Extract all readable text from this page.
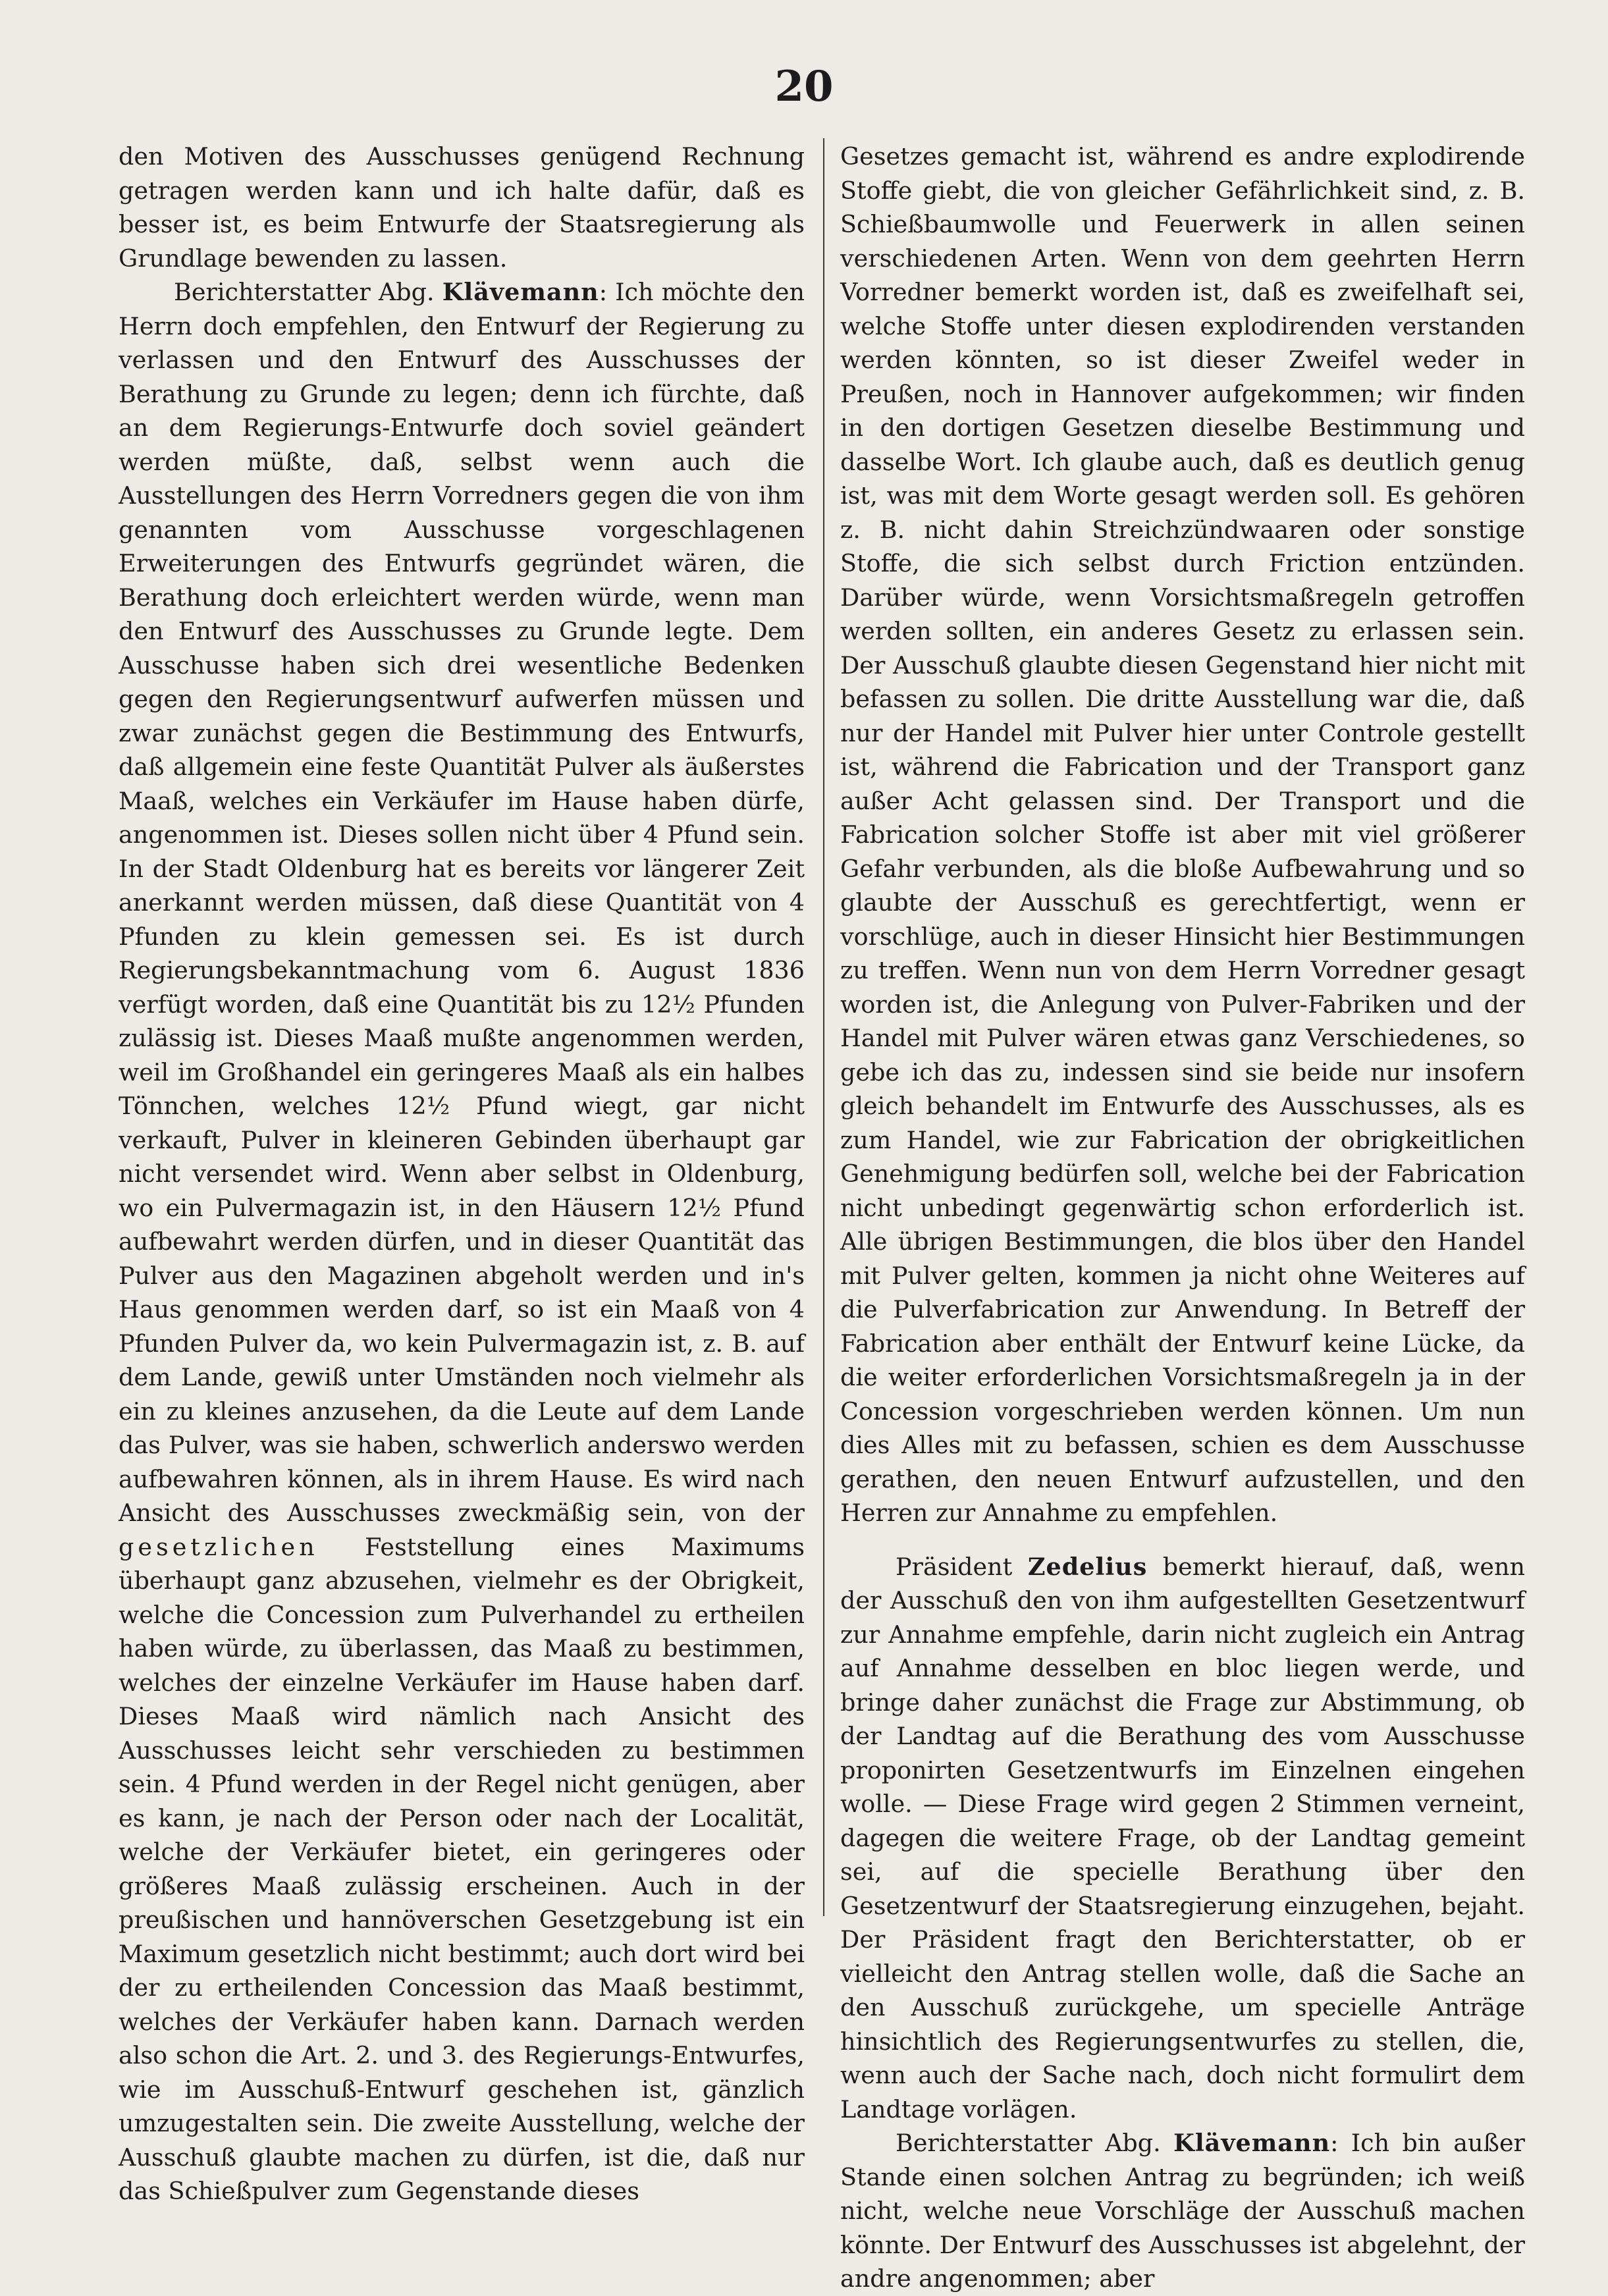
20

den Motiven des Ausschusses genügend Rechnung getragen werden kann und ich halte dafür, daß es besser ist, es beim Entwurfe der Staatsregierung als Grundlage bewenden zu lassen.

Berichterstatter Abg. Klävemann: Ich möchte den Herrn doch empfehlen, den Entwurf der Regierung zu verlassen und den Entwurf des Ausschusses der Berathung zu Grunde zu legen; denn ich fürchte, daß an dem Regierungs-Entwurfe doch soviel geändert werden müßte, daß, selbst wenn auch die Ausstellungen des Herrn Vorredners gegen die von ihm genannten vom Ausschusse vorgeschlagenen Erweiterungen des Entwurfs gegründet wären, die Berathung doch erleichtert werden würde, wenn man den Entwurf des Ausschusses zu Grunde legte. Dem Ausschusse haben sich drei wesentliche Bedenken gegen den Regierungsentwurf aufwerfen müssen und zwar zunächst gegen die Bestimmung des Entwurfs, daß allgemein eine feste Quantität Pulver als äußerstes Maaß, welches ein Verkäufer im Hause haben dürfe, angenommen ist. Dieses sollen nicht über 4 Pfund sein. In der Stadt Oldenburg hat es bereits vor längerer Zeit anerkannt werden müssen, daß diese Quantität von 4 Pfunden zu klein gemessen sei. Es ist durch Regierungsbekanntmachung vom 6. August 1836 verfügt worden, daß eine Quantität bis zu 12½ Pfunden zulässig ist. Dieses Maaß mußte angenommen werden, weil im Großhandel ein geringeres Maaß als ein halbes Tönnchen, welches 12½ Pfund wiegt, gar nicht verkauft, Pulver in kleineren Gebinden überhaupt gar nicht versendet wird. Wenn aber selbst in Oldenburg, wo ein Pulvermagazin ist, in den Häusern 12½ Pfund aufbewahrt werden dürfen, und in dieser Quantität das Pulver aus den Magazinen abgeholt werden und in's Haus genommen werden darf, so ist ein Maaß von 4 Pfunden Pulver da, wo kein Pulvermagazin ist, z. B. auf dem Lande, gewiß unter Umständen noch vielmehr als ein zu kleines anzusehen, da die Leute auf dem Lande das Pulver, was sie haben, schwerlich anderswo werden aufbewahren können, als in ihrem Hause. Es wird nach Ansicht des Ausschusses zweckmäßig sein, von der gesetzlichen Feststellung eines Maximums überhaupt ganz abzusehen, vielmehr es der Obrigkeit, welche die Concession zum Pulverhandel zu ertheilen haben würde, zu überlassen, das Maaß zu bestimmen, welches der einzelne Verkäufer im Hause haben darf. Dieses Maaß wird nämlich nach Ansicht des Ausschusses leicht sehr verschieden zu bestimmen sein. 4 Pfund werden in der Regel nicht genügen, aber es kann, je nach der Person oder nach der Localität, welche der Verkäufer bietet, ein geringeres oder größeres Maaß zulässig erscheinen. Auch in der preußischen und hannöverschen Gesetzgebung ist ein Maximum gesetzlich nicht bestimmt; auch dort wird bei der zu ertheilenden Concession das Maaß bestimmt, welches der Verkäufer haben kann. Darnach werden also schon die Art. 2. und 3. des Regierungs-Entwurfes, wie im Ausschuß-Entwurf geschehen ist, gänzlich umzugestalten sein. Die zweite Ausstellung, welche der Ausschuß glaubte machen zu dürfen, ist die, daß nur das Schießpulver zum Gegenstande dieses

Gesetzes gemacht ist, während es andre explodirende Stoffe giebt, die von gleicher Gefährlichkeit sind, z. B. Schießbaumwolle und Feuerwerk in allen seinen verschiedenen Arten. Wenn von dem geehrten Herrn Vorredner bemerkt worden ist, daß es zweifelhaft sei, welche Stoffe unter diesen explodirenden verstanden werden könnten, so ist dieser Zweifel weder in Preußen, noch in Hannover aufgekommen; wir finden in den dortigen Gesetzen dieselbe Bestimmung und dasselbe Wort. Ich glaube auch, daß es deutlich genug ist, was mit dem Worte gesagt werden soll. Es gehören z. B. nicht dahin Streichzündwaaren oder sonstige Stoffe, die sich selbst durch Friction entzünden. Darüber würde, wenn Vorsichtsmaßregeln getroffen werden sollten, ein anderes Gesetz zu erlassen sein. Der Ausschuß glaubte diesen Gegenstand hier nicht mit befassen zu sollen. Die dritte Ausstellung war die, daß nur der Handel mit Pulver hier unter Controle gestellt ist, während die Fabrication und der Transport ganz außer Acht gelassen sind. Der Transport und die Fabrication solcher Stoffe ist aber mit viel größerer Gefahr verbunden, als die bloße Aufbewahrung und so glaubte der Ausschuß es gerechtfertigt, wenn er vorschlüge, auch in dieser Hinsicht hier Bestimmungen zu treffen. Wenn nun von dem Herrn Vorredner gesagt worden ist, die Anlegung von Pulver-Fabriken und der Handel mit Pulver wären etwas ganz Verschiedenes, so gebe ich das zu, indessen sind sie beide nur insofern gleich behandelt im Entwurfe des Ausschusses, als es zum Handel, wie zur Fabrication der obrigkeitlichen Genehmigung bedürfen soll, welche bei der Fabrication nicht unbedingt gegenwärtig schon erforderlich ist. Alle übrigen Bestimmungen, die blos über den Handel mit Pulver gelten, kommen ja nicht ohne Weiteres auf die Pulverfabrication zur Anwendung. In Betreff der Fabrication aber enthält der Entwurf keine Lücke, da die weiter erforderlichen Vorsichtsmaßregeln ja in der Concession vorgeschrieben werden können. Um nun dies Alles mit zu befassen, schien es dem Ausschusse gerathen, den neuen Entwurf aufzustellen, und den Herren zur Annahme zu empfehlen.

Präsident Zedelius bemerkt hierauf, daß, wenn der Ausschuß den von ihm aufgestellten Gesetzentwurf zur Annahme empfehle, darin nicht zugleich ein Antrag auf Annahme desselben en bloc liegen werde, und bringe daher zunächst die Frage zur Abstimmung, ob der Landtag auf die Berathung des vom Ausschusse proponirten Gesetzentwurfs im Einzelnen eingehen wolle. — Diese Frage wird gegen 2 Stimmen verneint, dagegen die weitere Frage, ob der Landtag gemeint sei, auf die specielle Berathung über den Gesetzentwurf der Staatsregierung einzugehen, bejaht. Der Präsident fragt den Berichterstatter, ob er vielleicht den Antrag stellen wolle, daß die Sache an den Ausschuß zurückgehe, um specielle Anträge hinsichtlich des Regierungsentwurfes zu stellen, die, wenn auch der Sache nach, doch nicht formulirt dem Landtage vorlägen.

Berichterstatter Abg. Klävemann: Ich bin außer Stande einen solchen Antrag zu begründen; ich weiß nicht, welche neue Vorschläge der Ausschuß machen könnte. Der Entwurf des Ausschusses ist abgelehnt, der andre angenommen; aber
